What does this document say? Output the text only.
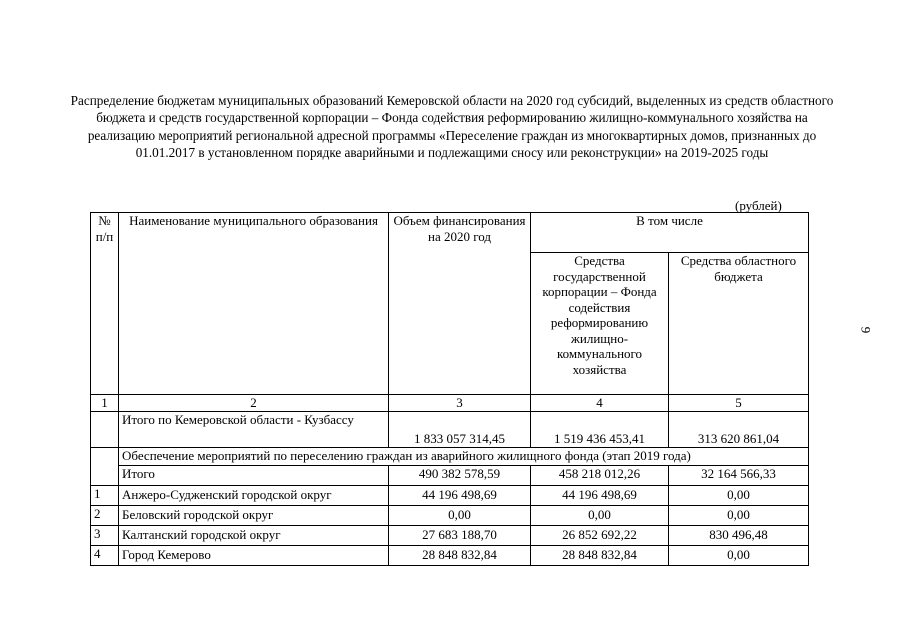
Распределение бюджетам муниципальных образований Кемеровской области на 2020 год субсидий, выделенных из средств областного бюджета и средств государственной корпорации – Фонда содействия реформированию жилищно-коммунального хозяйства на реализацию мероприятий региональной адресной программы «Переселение граждан из многоквартирных домов, признанных до 01.01.2017 в установленном порядке аварийными и подлежащими сносу или реконструкции» на 2019-2025 годы

(рублей)
9
№ п/п	Наименование муниципального образования	Объем финансирования на 2020 год	В том числе	
			Средства государственной корпорации – Фонда содействия реформированию жилищно-коммунального хозяйства	Средства областного бюджета
1	2	3	4	5
	Итого по Кемеровской области - Кузбассу	1 833 057 314,45	1 519 436 453,41	313 620 861,04
	Обеспечение мероприятий по переселению граждан из аварийного жилищного фонда (этап 2019 года)			
	Итого	490 382 578,59	458 218 012,26	32 164 566,33
1	Анжеро-Судженский городской округ	44 196 498,69	44 196 498,69	0,00
2	Беловский городской округ	0,00	0,00	0,00
3	Калтанский городской округ	27 683 188,70	26 852 692,22	830 496,48
4	Город Кемерово	28 848 832,84	28 848 832,84	0,00
